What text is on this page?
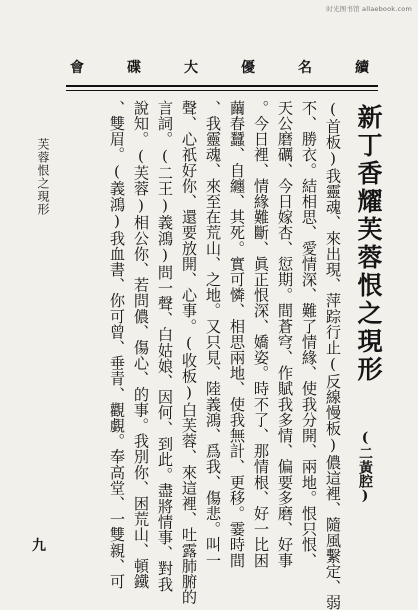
时光图书馆 allaebook.com
續
名
優
大
碟
會
新丁香耀芙蓉恨之現形
(二黃腔)
(首板)我靈魂、來出現、萍踪行止(反線慢板)儂這裡、隨風繫定、弱
不、勝衣。結相思、愛情深、難了情緣、使我分開、兩地。恨只恨、
天公磨礪、今日嫁杏、愆期。間蒼穹、作賦我多情、偏要多磨、好事
。今日裡、情緣難斷、眞正恨深、嬌姿。時不了、那情根、好一比困
繭春蠶、自纏、其死。實可憐、相思兩地、使我無計、更移。霎時間
、我靈魂、來至在荒山、之地。又只見、陸義鴻、爲我、傷悲。叫一
聲、心祇好你、還要放開、心事。(收板)白芙蓉、來這裡、吐露肺腑的
言詞。(二王)義鴻)問一聲、白姑娘、因何、到此。盡將情事、對我
說知。(芙蓉)相公你、若問儂、傷心、的事。我別你、困荒山、頓鐵
、雙眉。(義鴻)我血書、你可曾、垂青、觀覷。奉高堂、一雙親、可
芙蓉恨之現形
九
